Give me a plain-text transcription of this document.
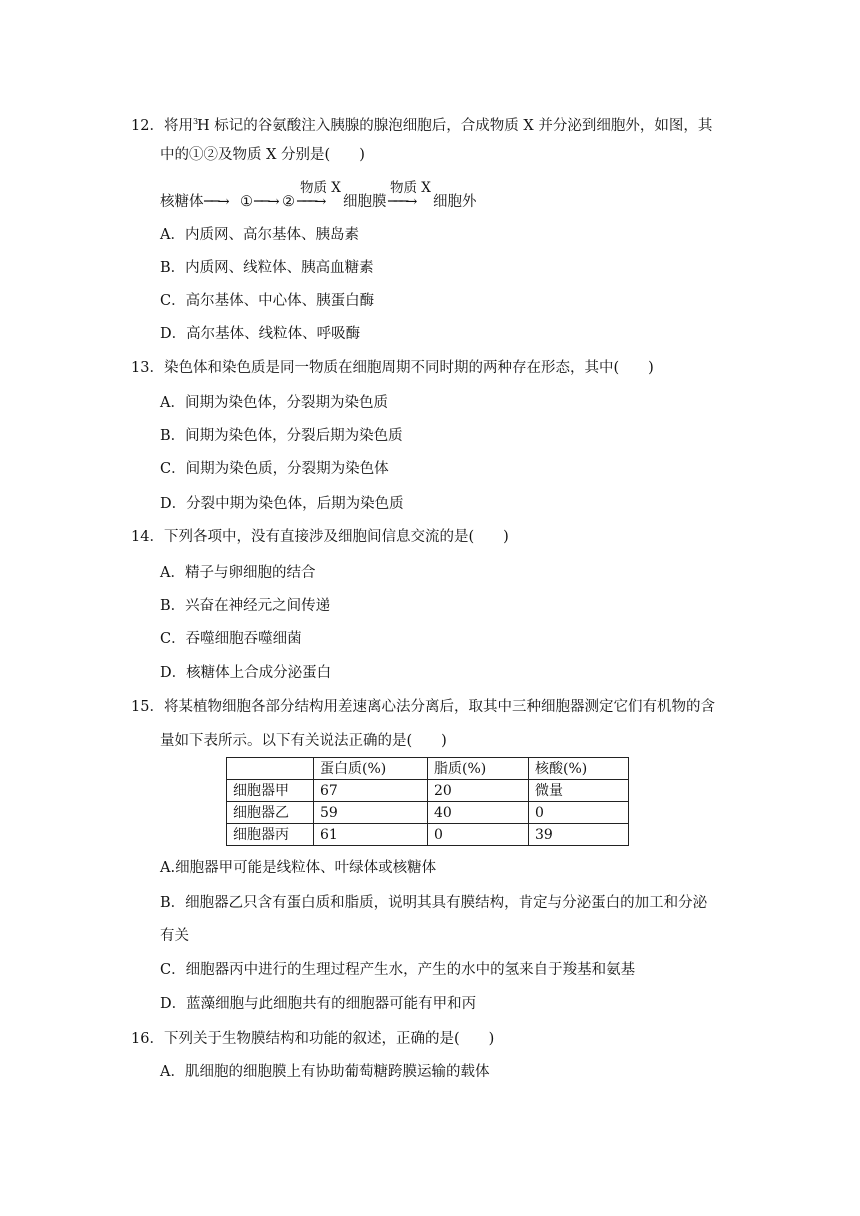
12．将用$^3$H 标记的谷氨酸注入胰腺的腺泡细胞后，合成物质 X 并分泌到细胞外，如图，其
中的①②及物质 X 分别是(　　)
核糖体 ──→ ① ──→ ②
物质 X
───→ 细胞膜
物质 X
───→ 细胞外
A．内质网、高尔基体、胰岛素
B．内质网、线粒体、胰高血糖素
C．高尔基体、中心体、胰蛋白酶
D．高尔基体、线粒体、呼吸酶
13．染色体和染色质是同一物质在细胞周期不同时期的两种存在形态，其中(　　)
A．间期为染色体，分裂期为染色质
B．间期为染色体，分裂后期为染色质
C．间期为染色质，分裂期为染色体
D．分裂中期为染色体，后期为染色质
14．下列各项中，没有直接涉及细胞间信息交流的是(　　)
A．精子与卵细胞的结合
B．兴奋在神经元之间传递
C．吞噬细胞吞噬细菌
D．核糖体上合成分泌蛋白
15．将某植物细胞各部分结构用差速离心法分离后，取其中三种细胞器测定它们有机物的含
量如下表所示。以下有关说法正确的是(　　)
	蛋白质(%)	脂质(%)	核酸(%)
细胞器甲	67	20	微量
细胞器乙	59	40	0
细胞器丙	61	0	39
A.细胞器甲可能是线粒体、叶绿体或核糖体
B．细胞器乙只含有蛋白质和脂质，说明其具有膜结构，肯定与分泌蛋白的加工和分泌
有关
C．细胞器丙中进行的生理过程产生水，产生的水中的氢来自于羧基和氨基
D．蓝藻细胞与此细胞共有的细胞器可能有甲和丙
16．下列关于生物膜结构和功能的叙述，正确的是(　　)
A．肌细胞的细胞膜上有协助葡萄糖跨膜运输的载体
